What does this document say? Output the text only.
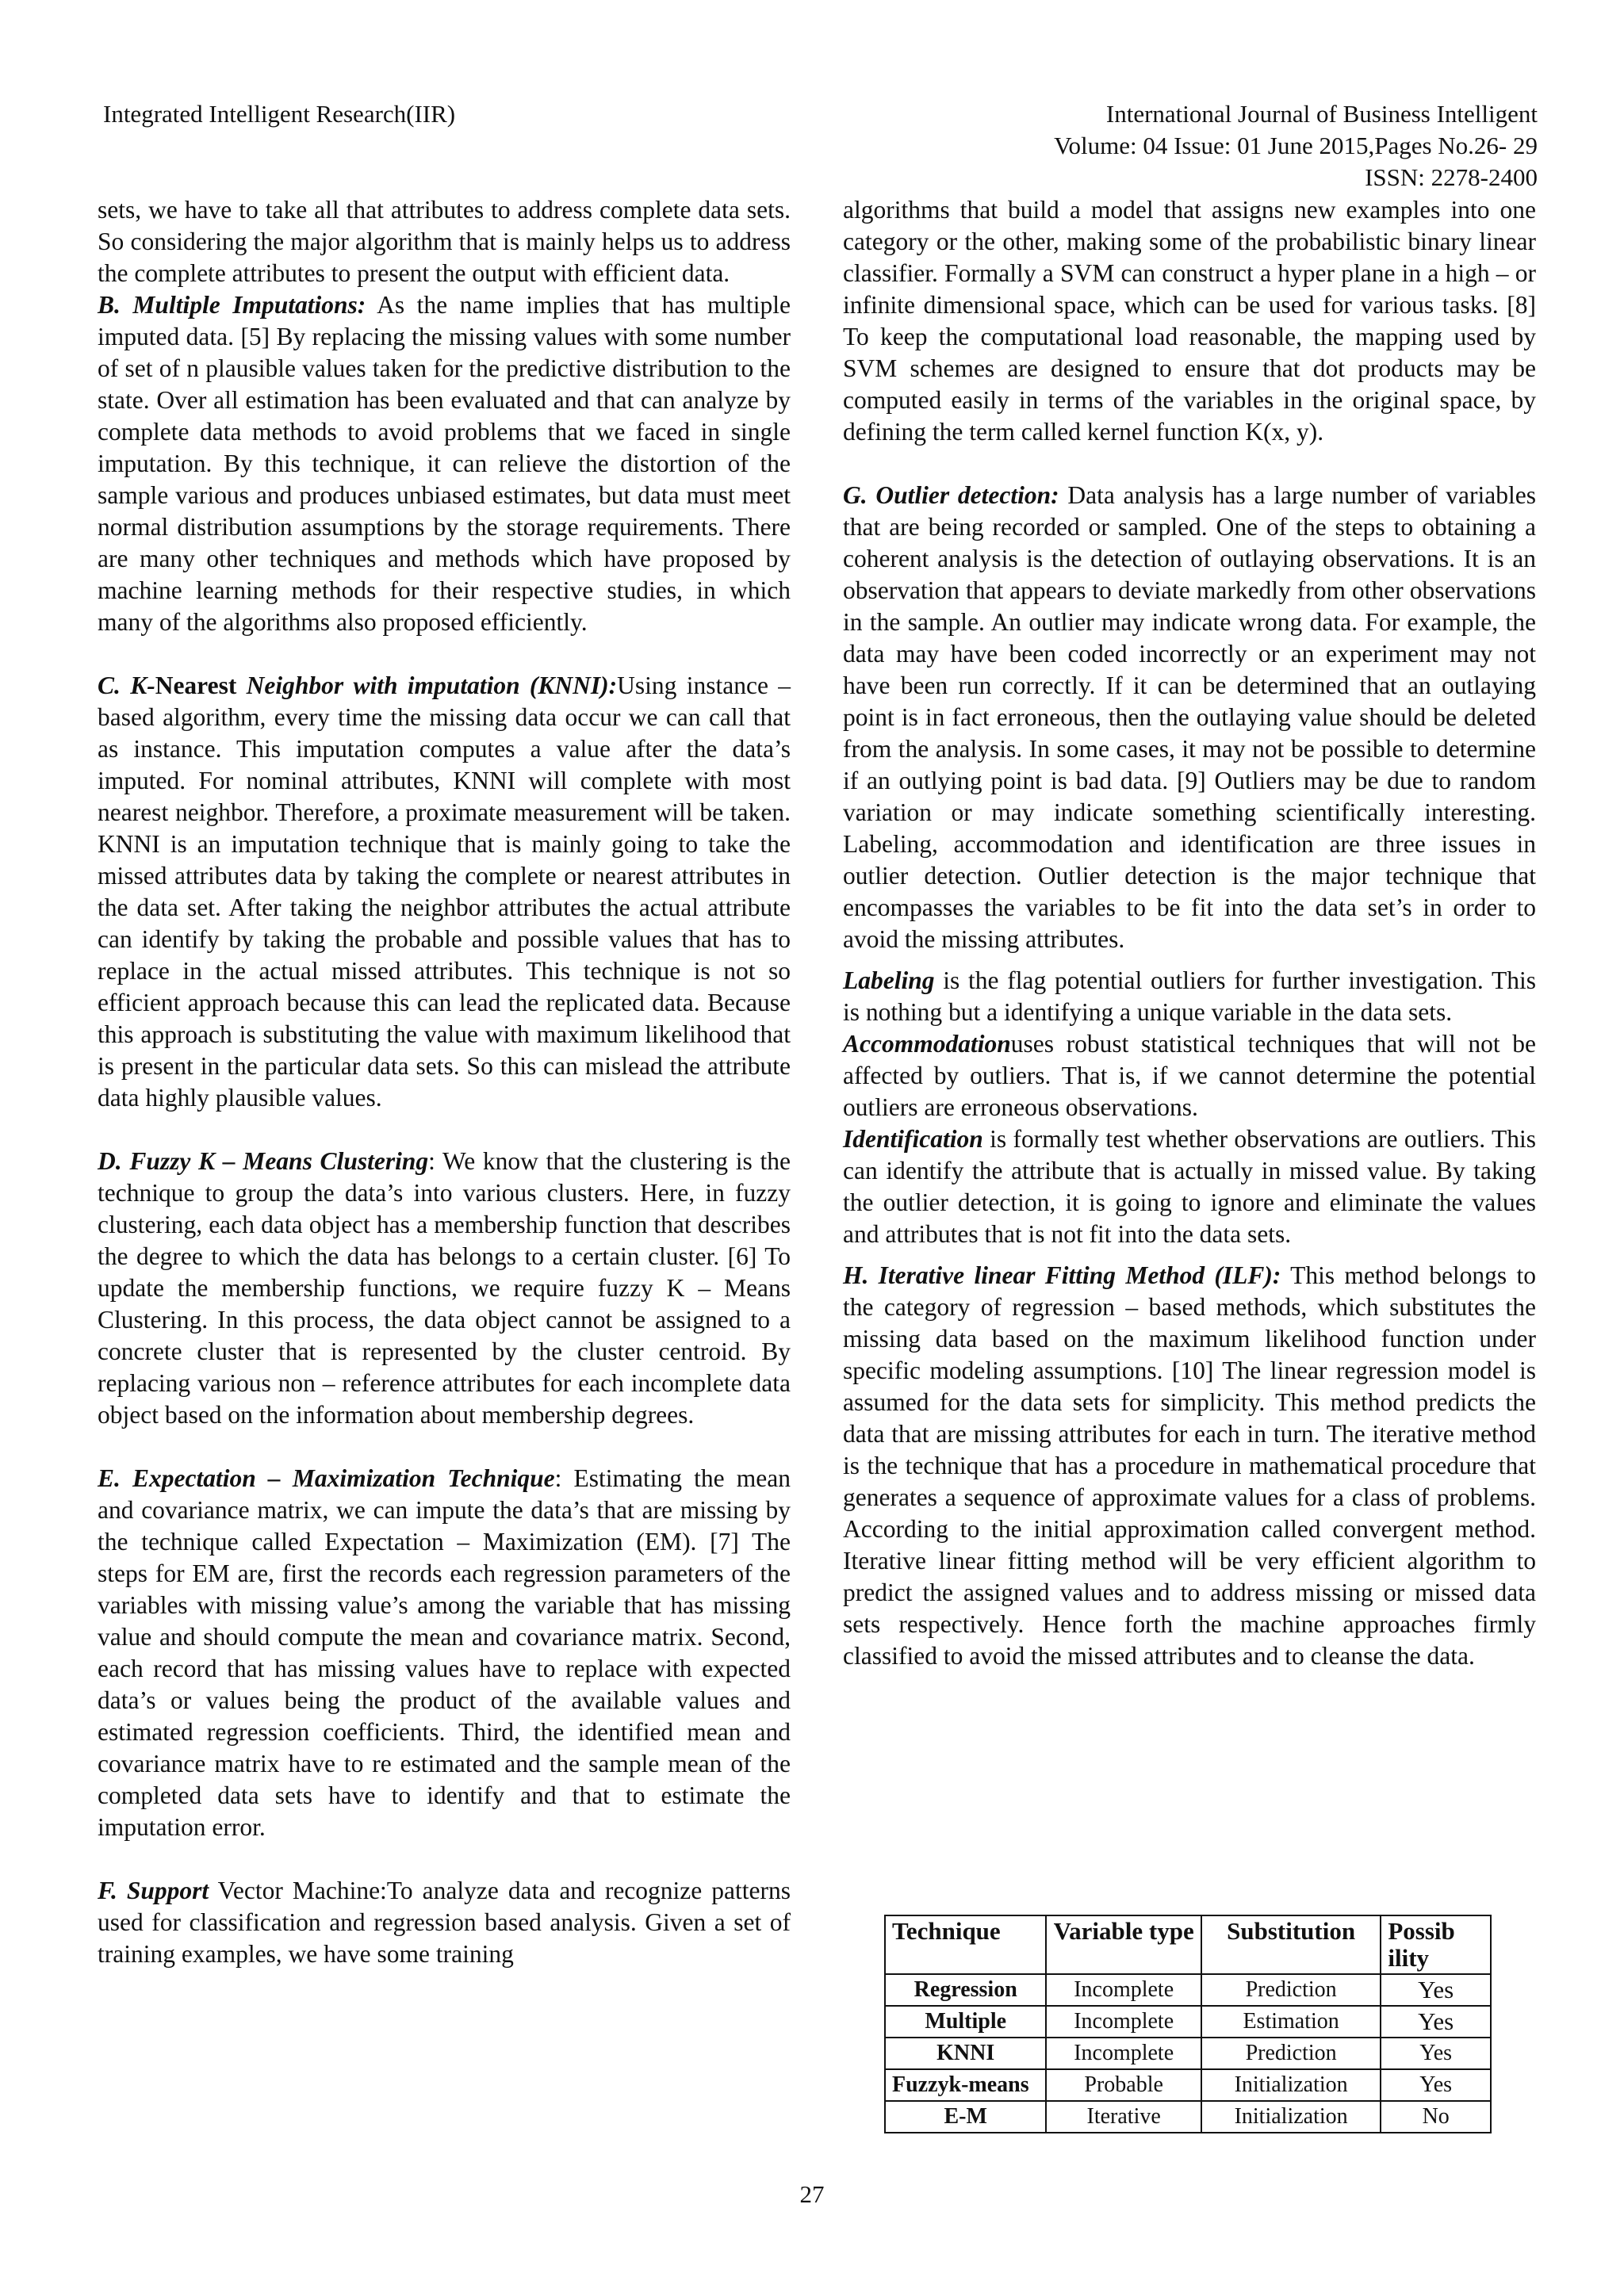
Integrated Intelligent Research(IIR)	International Journal of Business Intelligent
Volume: 04 Issue: 01 June 2015,Pages No.26- 29
ISSN: 2278-2400

sets, we have to take all that attributes to address complete data sets. So considering the major algorithm that is mainly helps us to address the complete attributes to present the output with efficient data.

B. Multiple Imputations: As the name implies that has multiple imputed data. [5] By replacing the missing values with some number of set of n plausible values taken for the predictive distribution to the state. Over all estimation has been evaluated and that can analyze by complete data methods to avoid problems that we faced in single imputation. By this technique, it can relieve the distortion of the sample various and produces unbiased estimates, but data must meet normal distribution assumptions by the storage requirements. There are many other techniques and methods which have proposed by machine learning methods for their respective studies, in which many of the algorithms also proposed efficiently.

C. K-Nearest Neighbor with imputation (KNNI):Using instance – based algorithm, every time the missing data occur we can call that as instance. This imputation computes a value after the data’s imputed. For nominal attributes, KNNI will complete with most nearest neighbor. Therefore, a proximate measurement will be taken. KNNI is an imputation technique that is mainly going to take the missed attributes data by taking the complete or nearest attributes in the data set. After taking the neighbor attributes the actual attribute can identify by taking the probable and possible values that has to replace in the actual missed attributes. This technique is not so efficient approach because this can lead the replicated data. Because this approach is substituting the value with maximum likelihood that is present in the particular data sets. So this can mislead the attribute data highly plausible values.

D. Fuzzy K – Means Clustering: We know that the clustering is the technique to group the data’s into various clusters. Here, in fuzzy clustering, each data object has a membership function that describes the degree to which the data has belongs to a certain cluster. [6] To update the membership functions, we require fuzzy K – Means Clustering. In this process, the data object cannot be assigned to a concrete cluster that is represented by the cluster centroid. By replacing various non – reference attributes for each incomplete data object based on the information about membership degrees.

E. Expectation – Maximization Technique: Estimating the mean and covariance matrix, we can impute the data’s that are missing by the technique called Expectation – Maximization (EM). [7] The steps for EM are, first the records each regression parameters of the variables with missing value’s among the variable that has missing value and should compute the mean and covariance matrix. Second, each record that has missing values have to replace with expected data’s or values being the product of the available values and estimated regression coefficients. Third, the identified mean and covariance matrix have to re estimated and the sample mean of the completed data sets have to identify and that to estimate the imputation error.

F. Support Vector Machine:To analyze data and recognize patterns used for classification and regression based analysis. Given a set of training examples, we have some training

algorithms that build a model that assigns new examples into one category or the other, making some of the probabilistic binary linear classifier. Formally a SVM can construct a hyper plane in a high – or infinite dimensional space, which can be used for various tasks. [8] To keep the computational load reasonable, the mapping used by SVM schemes are designed to ensure that dot products may be computed easily in terms of the variables in the original space, by defining the term called kernel function K(x, y).

G. Outlier detection: Data analysis has a large number of variables that are being recorded or sampled. One of the steps to obtaining a coherent analysis is the detection of outlaying observations. It is an observation that appears to deviate markedly from other observations in the sample. An outlier may indicate wrong data. For example, the data may have been coded incorrectly or an experiment may not have been run correctly. If it can be determined that an outlaying point is in fact erroneous, then the outlaying value should be deleted from the analysis. In some cases, it may not be possible to determine if an outlying point is bad data. [9] Outliers may be due to random variation or may indicate something scientifically interesting. Labeling, accommodation and identification are three issues in outlier detection. Outlier detection is the major technique that encompasses the variables to be fit into the data set’s in order to avoid the missing attributes.

Labeling is the flag potential outliers for further investigation. This is nothing but a identifying a unique variable in the data sets.

Accommodationuses robust statistical techniques that will not be affected by outliers. That is, if we cannot determine the potential outliers are erroneous observations.

Identification is formally test whether observations are outliers. This can identify the attribute that is actually in missed value. By taking the outlier detection, it is going to ignore and eliminate the values and attributes that is not fit into the data sets.

H. Iterative linear Fitting Method (ILF): This method belongs to the category of regression – based methods, which substitutes the missing data based on the maximum likelihood function under specific modeling assumptions. [10] The linear regression model is assumed for the data sets for simplicity. This method predicts the data that are missing attributes for each in turn. The iterative method is the technique that has a procedure in mathematical procedure that generates a sequence of approximate values for a class of problems. According to the initial approximation called convergent method. Iterative linear fitting method will be very efficient algorithm to predict the assigned values and to address missing or missed data sets respectively. Hence forth the machine approaches firmly classified to avoid the missed attributes and to cleanse the data.

Technique	Variable type	Substitution	Possib ility
Regression	Incomplete	Prediction	Yes
Multiple	Incomplete	Estimation	Yes
KNNI	Incomplete	Prediction	Yes
Fuzzyk-means	Probable	Initialization	Yes
E-M	Iterative	Initialization	No
27
